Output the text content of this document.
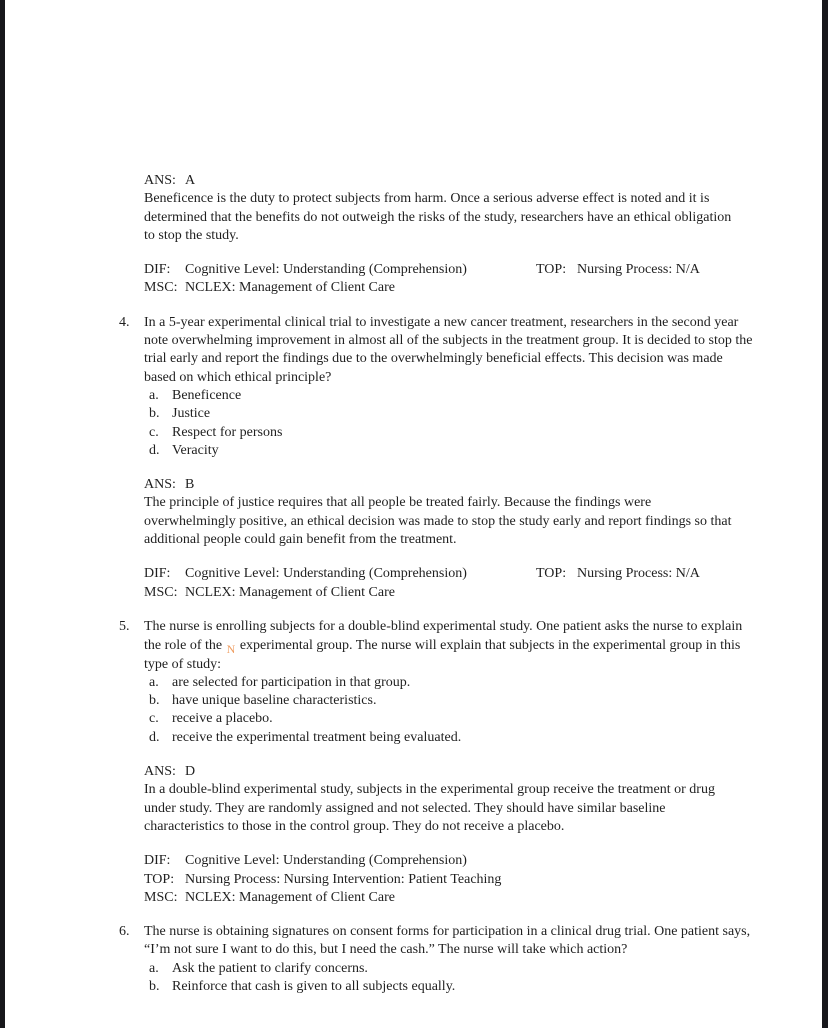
ANS: A
Beneficence is the duty to protect subjects from harm. Once a serious adverse effect is noted and it is determined that the benefits do not outweigh the risks of the study, researchers have an ethical obligation to stop the study.
DIF: Cognitive Level: Understanding (Comprehension)	TOP: Nursing Process: N/A
MSC: NCLEX: Management of Client Care
4.	In a 5-year experimental clinical trial to investigate a new cancer treatment, researchers in the second year note overwhelming improvement in almost all of the subjects in the treatment group. It is decided to stop the trial early and report the findings due to the overwhelmingly beneficial effects. This decision was made based on which ethical principle?
a. Beneficence
b. Justice
c. Respect for persons
d. Veracity
ANS: B
The principle of justice requires that all people be treated fairly. Because the findings were overwhelmingly positive, an ethical decision was made to stop the study early and report findings so that additional people could gain benefit from the treatment.
DIF: Cognitive Level: Understanding (Comprehension)	TOP: Nursing Process: N/A
MSC: NCLEX: Management of Client Care
5.	The nurse is enrolling subjects for a double-blind experimental study. One patient asks the nurse to explain the role of the N experimental group. The nurse will explain that subjects in the experimental group in this type of study:
a. are selected for participation in that group.
b. have unique baseline characteristics.
c. receive a placebo.
d. receive the experimental treatment being evaluated.
ANS: D
In a double-blind experimental study, subjects in the experimental group receive the treatment or drug under study. They are randomly assigned and not selected. They should have similar baseline characteristics to those in the control group. They do not receive a placebo.
DIF: Cognitive Level: Understanding (Comprehension)
TOP: Nursing Process: Nursing Intervention: Patient Teaching
MSC: NCLEX: Management of Client Care
6.	The nurse is obtaining signatures on consent forms for participation in a clinical drug trial. One patient says, “I’m not sure I want to do this, but I need the cash.” The nurse will take which action?
a. Ask the patient to clarify concerns.
b. Reinforce that cash is given to all subjects equally.
